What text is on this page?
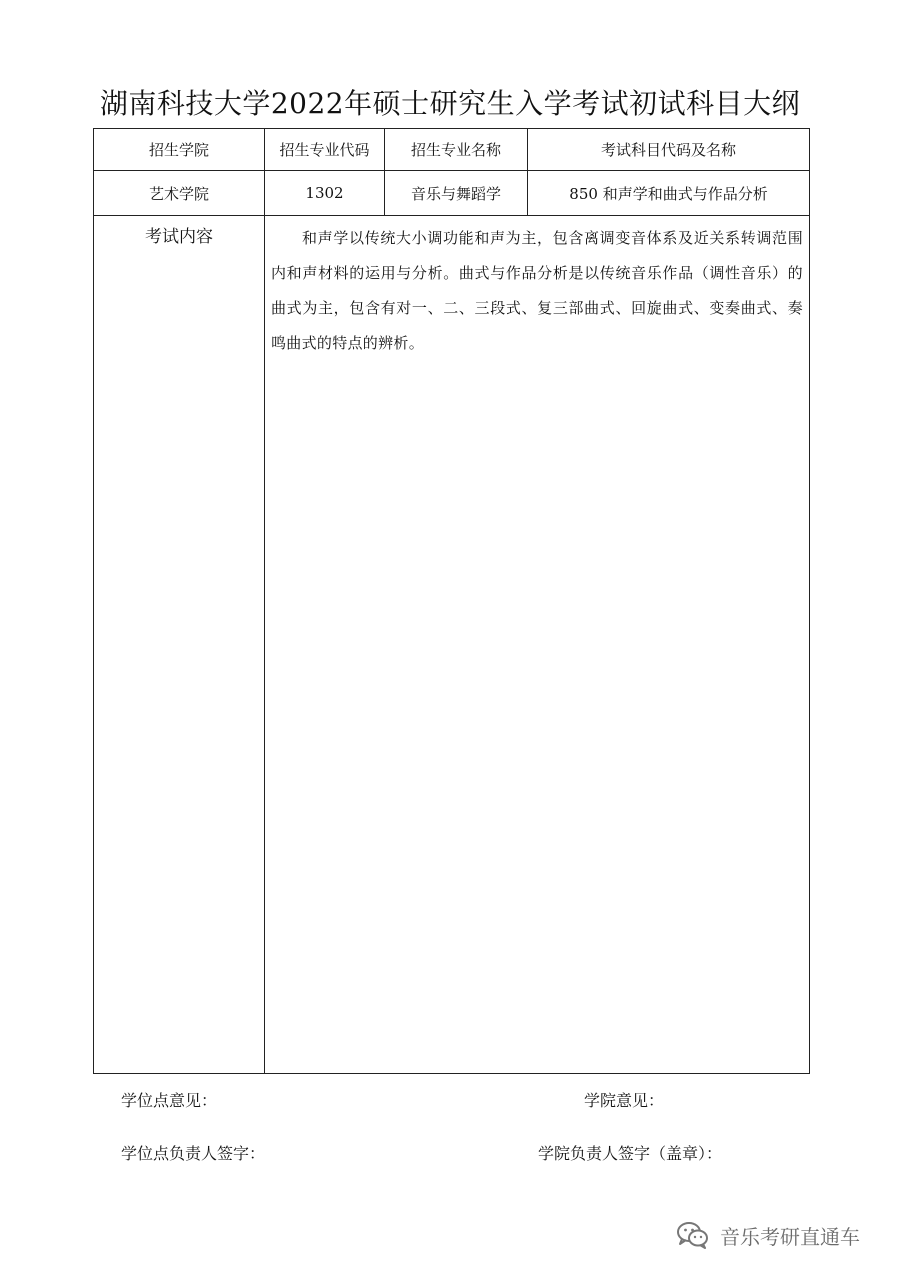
湖南科技大学2022年硕士研究生入学考试初试科目大纲
招生学院	招生专业代码	招生专业名称	考试科目代码及名称
艺术学院	1302	音乐与舞蹈学	850 和声学和曲式与作品分析
考试内容	和声学以传统大小调功能和声为主，包含离调变音体系及近关系转调范围内和声材料的运用与分析。曲式与作品分析是以传统音乐作品（调性音乐）的曲式为主，包含有对一、二、三段式、复三部曲式、回旋曲式、变奏曲式、奏鸣曲式的特点的辨析。		
学位点意见：	学院意见：
学位点负责人签字：	学院负责人签字（盖章）：
音乐考研直通车
